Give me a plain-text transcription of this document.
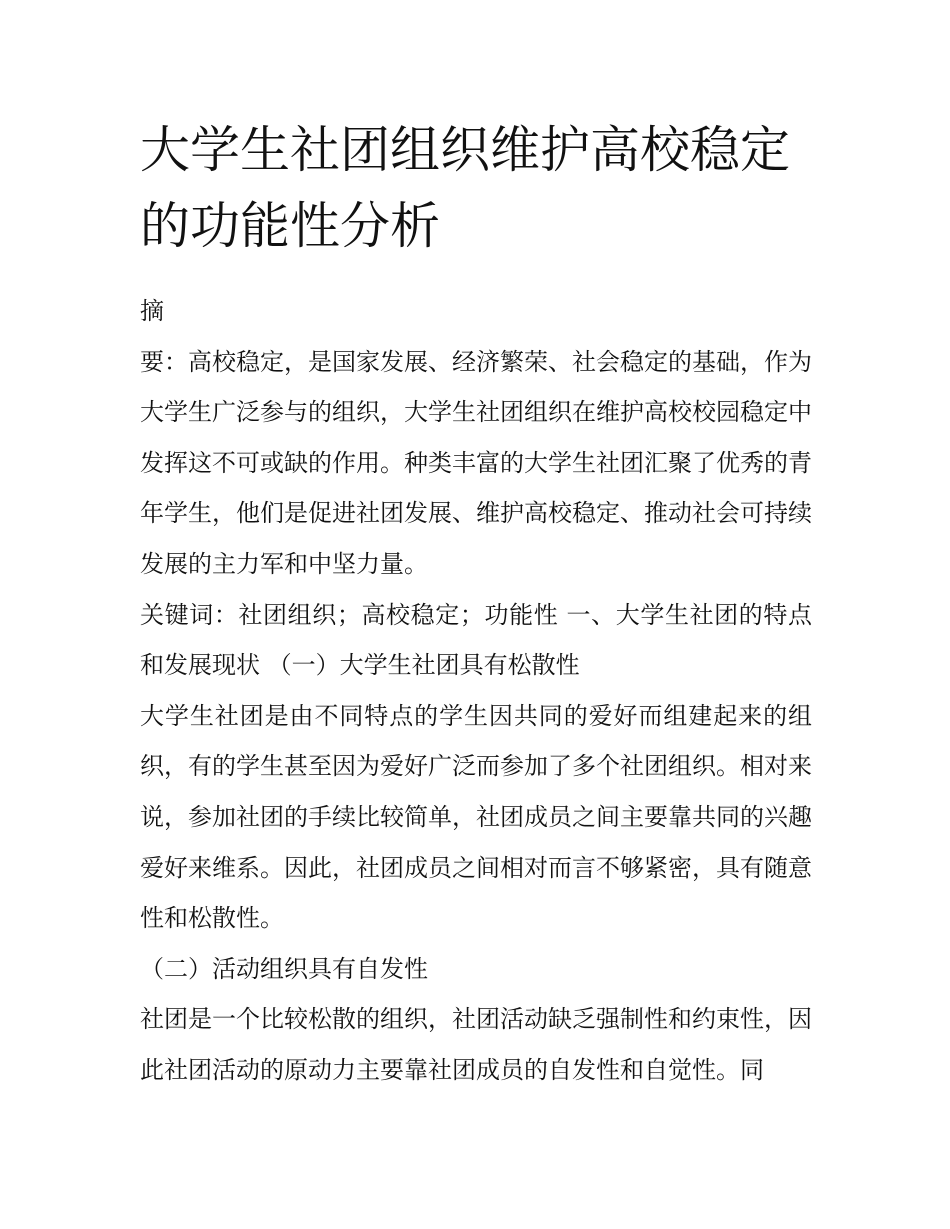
大学生社团组织维护高校稳定的功能性分析

摘

要：高校稳定，是国家发展、经济繁荣、社会稳定的基础，作为大学生广泛参与的组织，大学生社团组织在维护高校校园稳定中发挥这不可或缺的作用。种类丰富的大学生社团汇聚了优秀的青年学生，他们是促进社团发展、维护高校稳定、推动社会可持续发展的主力军和中坚力量。

关键词：社团组织；高校稳定；功能性 一、大学生社团的特点和发展现状 （一）大学生社团具有松散性

大学生社团是由不同特点的学生因共同的爱好而组建起来的组织，有的学生甚至因为爱好广泛而参加了多个社团组织。相对来说，参加社团的手续比较简单，社团成员之间主要靠共同的兴趣爱好来维系。因此，社团成员之间相对而言不够紧密，具有随意性和松散性。

（二）活动组织具有自发性

社团是一个比较松散的组织，社团活动缺乏强制性和约束性，因此社团活动的原动力主要靠社团成员的自发性和自觉性。同
